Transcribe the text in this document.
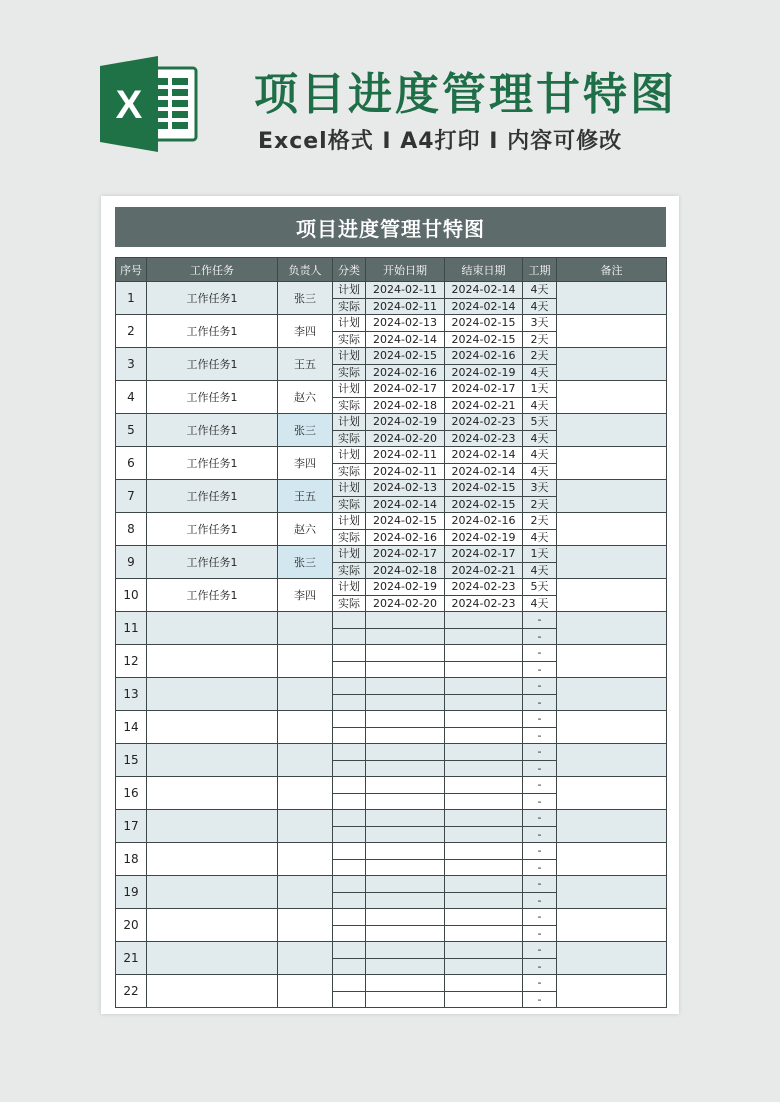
X	项目进度管理甘特图
Excel格式 I A4打印 I 内容可修改
项目进度管理甘特图
序号	工作任务	负责人	分类	开始日期	结束日期	工期	备注
1	工作任务1	张三	计划	2024-02-11	2024-02-14	4天	
			实际	2024-02-11	2024-02-14	4天	
2	工作任务1	李四	计划	2024-02-13	2024-02-15	3天	
			实际	2024-02-14	2024-02-15	2天	
3	工作任务1	王五	计划	2024-02-15	2024-02-16	2天	
			实际	2024-02-16	2024-02-19	4天	
4	工作任务1	赵六	计划	2024-02-17	2024-02-17	1天	
			实际	2024-02-18	2024-02-21	4天	
5	工作任务1	张三	计划	2024-02-19	2024-02-23	5天	
			实际	2024-02-20	2024-02-23	4天	
6	工作任务1	李四	计划	2024-02-11	2024-02-14	4天	
			实际	2024-02-11	2024-02-14	4天	
7	工作任务1	王五	计划	2024-02-13	2024-02-15	3天	
			实际	2024-02-14	2024-02-15	2天	
8	工作任务1	赵六	计划	2024-02-15	2024-02-16	2天	
			实际	2024-02-16	2024-02-19	4天	
9	工作任务1	张三	计划	2024-02-17	2024-02-17	1天	
			实际	2024-02-18	2024-02-21	4天	
10	工作任务1	李四	计划	2024-02-19	2024-02-23	5天	
			实际	2024-02-20	2024-02-23	4天	
11						-	
						-	
12						-	
						-	
13						-	
						-	
14						-	
						-	
15						-	
						-	
16						-	
						-	
17						-	
						-	
18						-	
						-	
19						-	
						-	
20						-	
						-	
21						-	
						-	
22						-	
						-	
